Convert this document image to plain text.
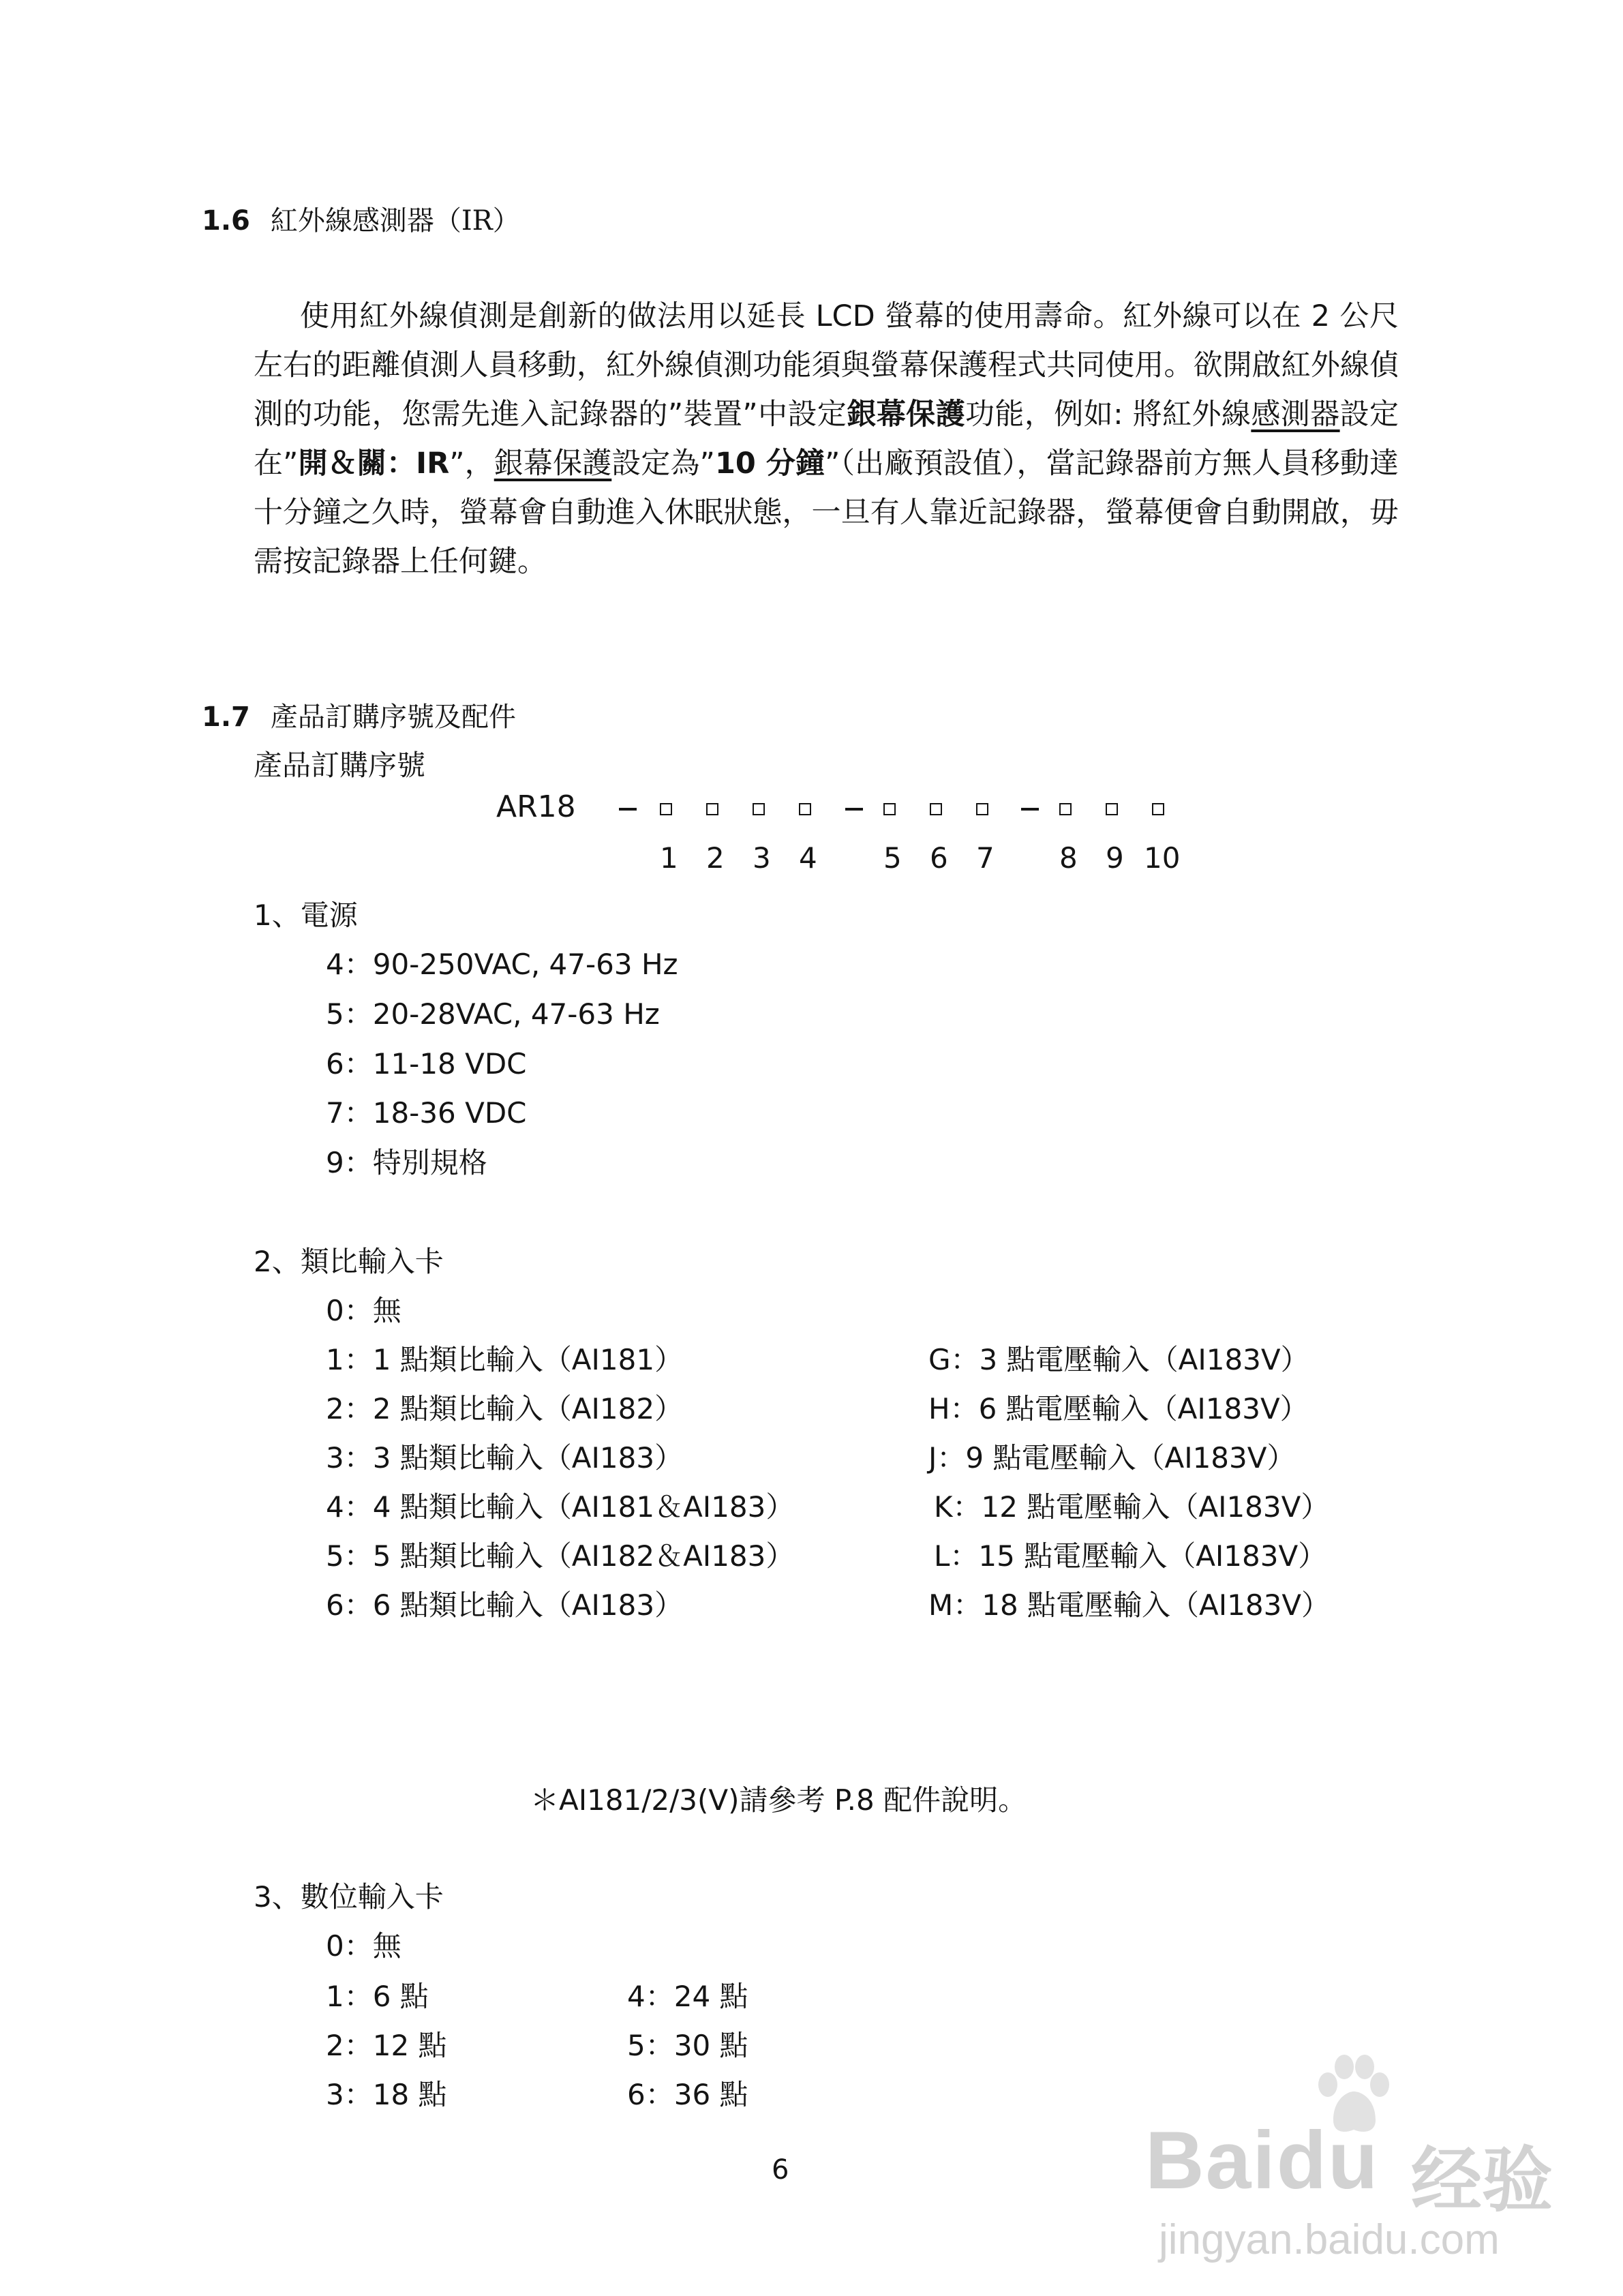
1.6 紅外線感測器（IR）
使用紅外線偵測是創新的做法用以延長 LCD 螢幕的使用壽命。紅外線可以在 2 公尺左右的距離偵測人員移動，紅外線偵測功能須與螢幕保護程式共同使用。欲開啟紅外線偵測的功能，您需先進入記錄器的”裝置”中設定銀幕保護功能，例如: 將紅外線感測器設定在”開＆關：IR”，銀幕保護設定為”10 分鐘”（出廠預設值），當記錄器前方無人員移動達十分鐘之久時，螢幕會自動進入休眠狀態，一旦有人靠近記錄器，螢幕便會自動開啟，毋需按記錄器上任何鍵。
1.7 產品訂購序號及配件
產品訂購序號
AR18
1 2 3 4 5 6 7 8 9 10
1、電源
4：90-250VAC, 47-63 Hz
5：20-28VAC, 47-63 Hz
6：11-18 VDC
7：18-36 VDC
9：特別規格
2、類比輸入卡
0：無
1：1 點類比輸入（AI181）
2：2 點類比輸入（AI182）
3：3 點類比輸入（AI183）
4：4 點類比輸入（AI181＆AI183）
5：5 點類比輸入（AI182＆AI183）
6：6 點類比輸入（AI183）
G：3 點電壓輸入（AI183V）
H：6 點電壓輸入（AI183V）
J：9 點電壓輸入（AI183V）
K：12 點電壓輸入（AI183V）
L：15 點電壓輸入（AI183V）
M：18 點電壓輸入（AI183V）
＊AI181/2/3(V)請參考 P.8 配件說明。
3、數位輸入卡
0：無
1：6 點
2：12 點
3：18 點
4：24 點
5：30 點
6：36 點
6	Baidu 经验
jingyan.baidu.com
